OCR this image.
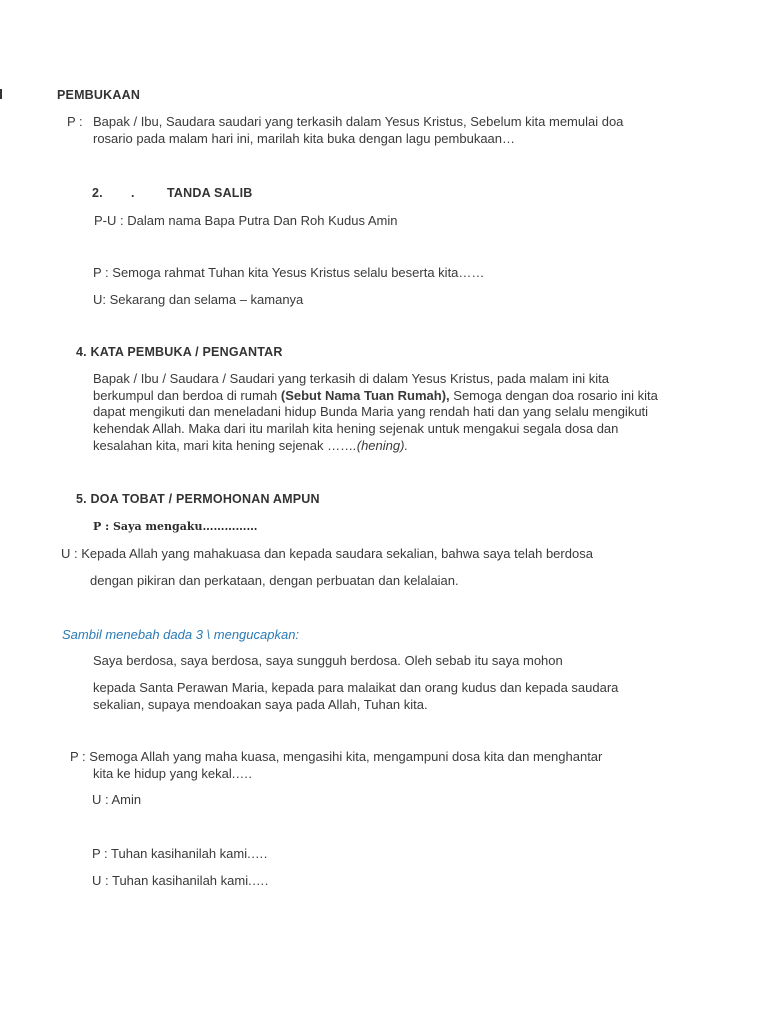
PEMBUKAAN
P : Bapak / Ibu, Saudara saudari yang terkasih dalam Yesus Kristus, Sebelum kita memulai doa
rosario pada malam hari ini, marilah kita buka dengan lagu pembukaan…
2. .	TANDA SALIB
P-U : Dalam nama Bapa Putra Dan Roh Kudus Amin
P : Semoga rahmat Tuhan kita Yesus Kristus selalu beserta kita……
U: Sekarang dan selama – kamanya
4. KATA PEMBUKA / PENGANTAR
Bapak / Ibu / Saudara / Saudari yang terkasih di dalam Yesus Kristus, pada malam ini kita berkumpul dan berdoa di rumah (Sebut Nama Tuan Rumah), Semoga dengan doa rosario ini kita dapat mengikuti dan meneladani hidup Bunda Maria yang rendah hati dan yang selalu mengikuti kehendak Allah. Maka dari itu marilah kita hening sejenak untuk mengakui segala dosa dan kesalahan kita, mari kita hening sejenak …….(hening).
5. DOA TOBAT / PERMOHONAN AMPUN
P : Saya mengaku……………
U : Kepada Allah yang mahakuasa dan kepada saudara sekalian, bahwa saya telah berdosa
dengan pikiran dan perkataan, dengan perbuatan dan kelalaian.
Sambil menebah dada 3 \ mengucapkan:
Saya berdosa, saya berdosa, saya sungguh berdosa. Oleh sebab itu saya mohon
kepada Santa Perawan Maria, kepada para malaikat dan orang kudus dan kepada saudara
sekalian, supaya mendoakan saya pada Allah, Tuhan kita.
P : Semoga Allah yang maha kuasa, mengasihi kita, mengampuni dosa kita dan menghantar
kita ke hidup yang kekal.….
U : Amin
P : Tuhan kasihanilah kami.….
U : Tuhan kasihanilah kami.….
